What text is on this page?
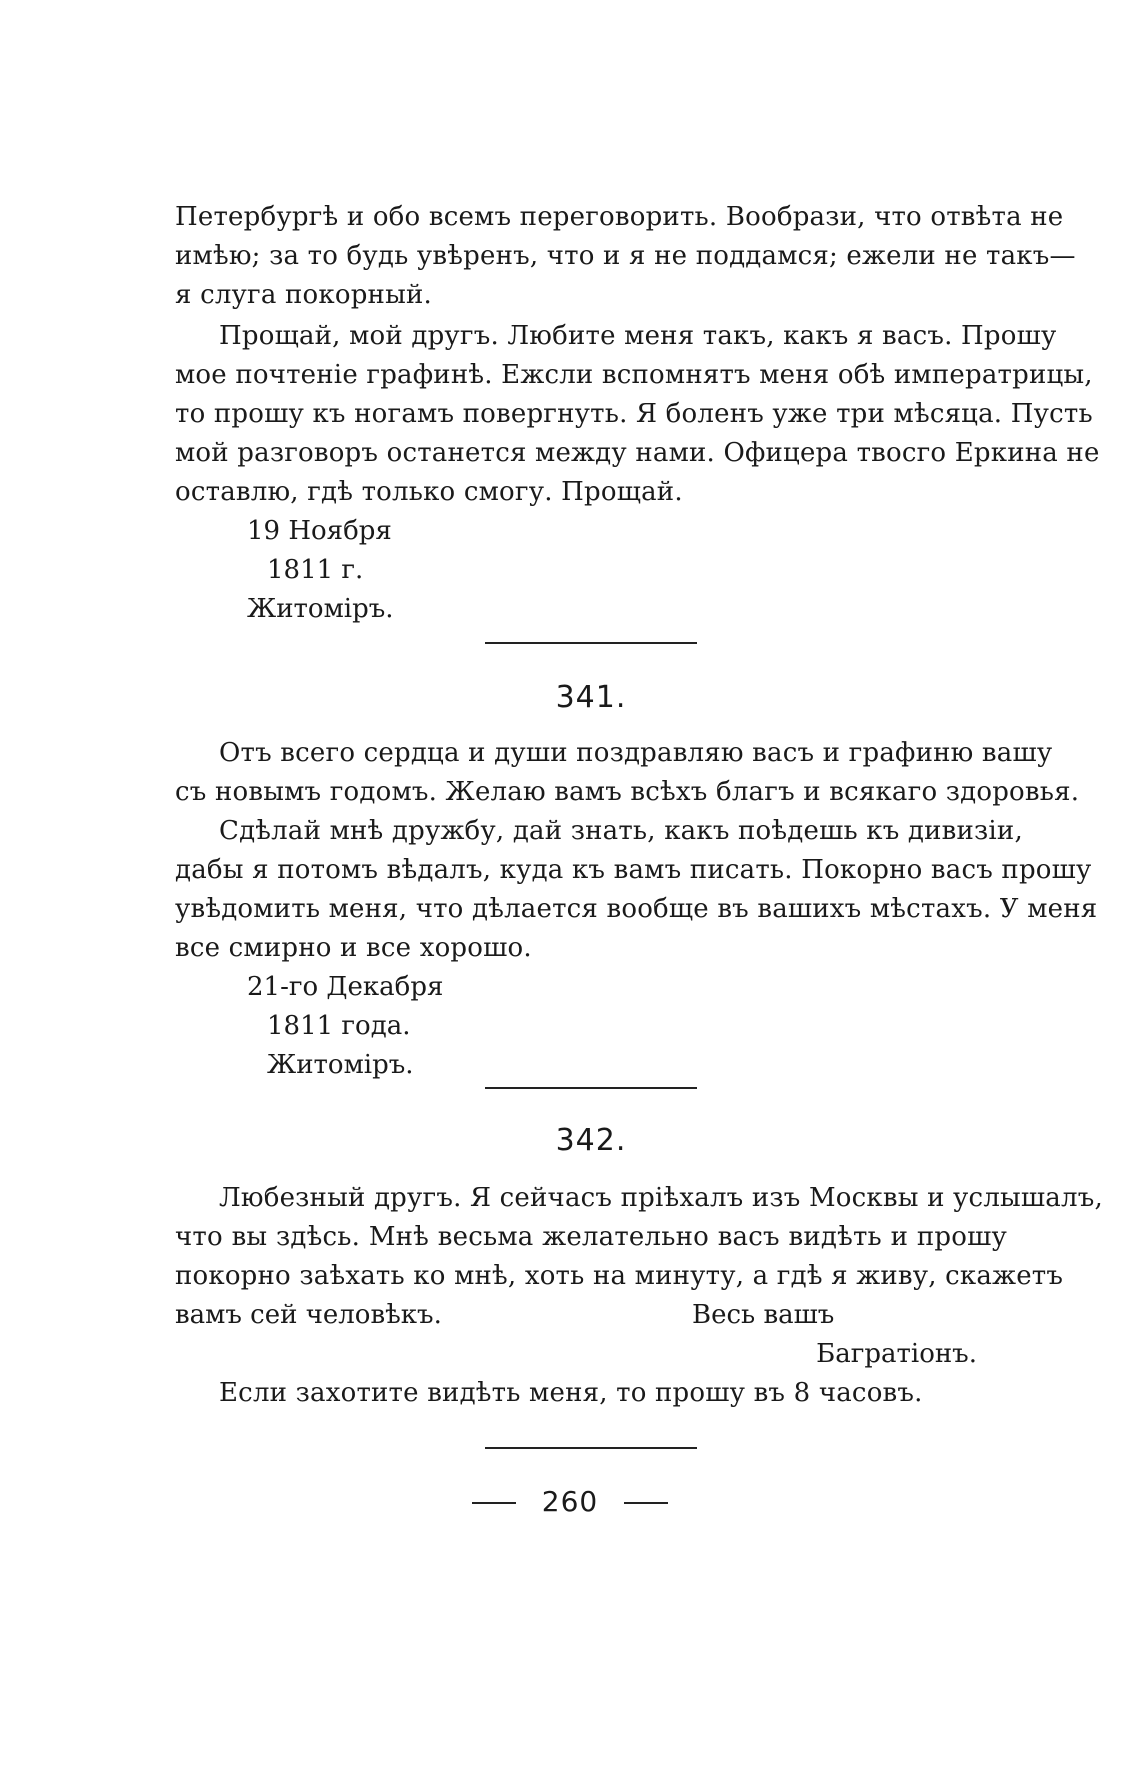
Петербургѣ и обо всемъ переговорить. Вообрази, что отвѣта не
имѣю; за то будь увѣренъ, что и я не поддамся; ежели не такъ—
я слуга покорный.
Прощай, мой другъ. Любите меня такъ, какъ я васъ. Прошу
мое почтеніе графинѣ. Ежсли вспомнятъ меня обѣ императрицы,
то прошу къ ногамъ повергнуть. Я боленъ уже три мѣсяца. Пусть
мой разговоръ останется между нами. Офицера твосго Еркина не
оставлю, гдѣ только смогу. Прощай.
19 Ноября
1811 г.
Житоміръ.
341.
Отъ всего сердца и души поздравляю васъ и графиню вашу
съ новымъ годомъ. Желаю вамъ всѣхъ благъ и всякаго здоровья.
Сдѣлай мнѣ дружбу, дай знать, какъ поѣдешь къ дивизіи,
дабы я потомъ вѣдалъ, куда къ вамъ писать. Покорно васъ прошу
увѣдомить меня, что дѣлается вообще въ вашихъ мѣстахъ. У меня
все смирно и все хорошо.
21-го Декабря
1811 года.
Житоміръ.
342.
Любезный другъ. Я сейчасъ пріѣхалъ изъ Москвы и услышалъ,
что вы здѣсь. Мнѣ весьма желательно васъ видѣть и прошу
покорно заѣхать ко мнѣ, хоть на минуту, а гдѣ я живу, скажетъ
вамъ сей человѣкъ.	Весь вашъ
Багратіонъ.
Если захотите видѣть меня, то прошу въ 8 часовъ.
260
